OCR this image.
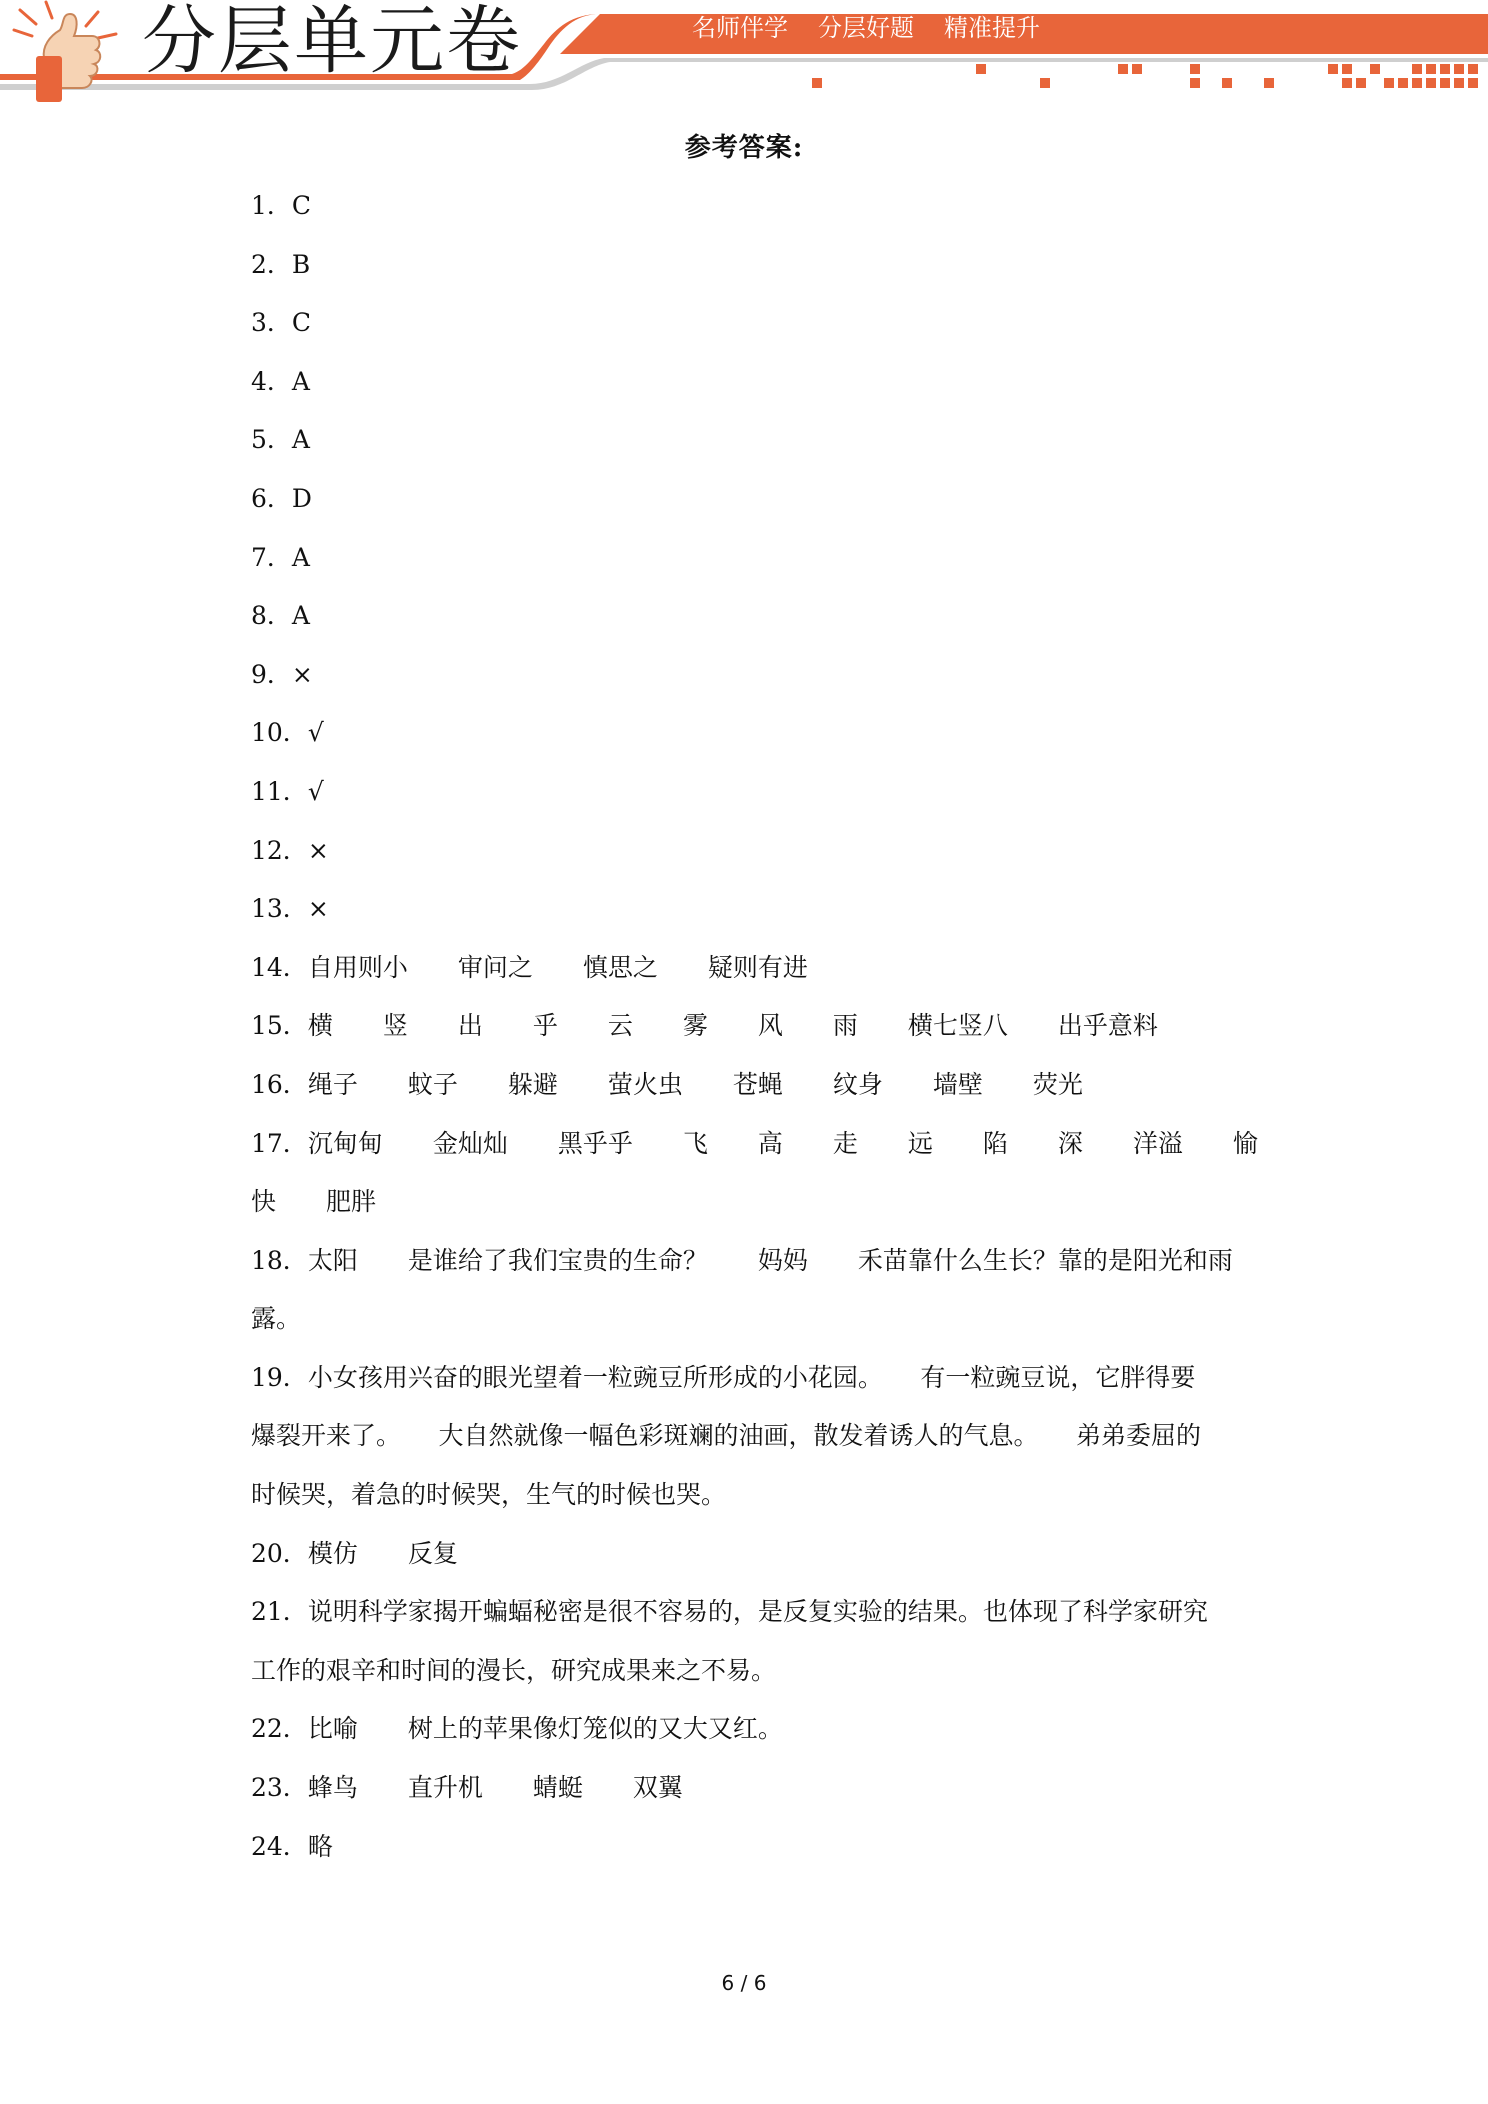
分层单元卷	名师伴学 分层好题 精准提升
参考答案:

1．C

2．B

3．C

4．A

5．A

6．D

7．A

8．A

9．×

10．√

11．√

12．×

13．×

14．自用则小　　审问之　　慎思之　　疑则有进

15．横　　竖　　出　　乎　　云　　雾　　风　　雨　　横七竖八　　出乎意料

16．绳子　　蚊子　　躲避　　萤火虫　　苍蝇　　纹身　　墙壁　　荧光

17．沉甸甸　　金灿灿　　黑乎乎　　飞　　高　　走　　远　　陷　　深　　洋溢　　愉

快　　肥胖

18．太阳　　是谁给了我们宝贵的生命？　　妈妈　　禾苗靠什么生长？靠的是阳光和雨

露。

19．小女孩用兴奋的眼光望着一粒豌豆所形成的小花园。　　有一粒豌豆说，它胖得要

爆裂开来了。　　大自然就像一幅色彩斑斓的油画，散发着诱人的气息。　　弟弟委屈的

时候哭，着急的时候哭，生气的时候也哭。

20．模仿　　反复

21．说明科学家揭开蝙蝠秘密是很不容易的，是反复实验的结果。也体现了科学家研究

工作的艰辛和时间的漫长，研究成果来之不易。

22．比喻　　树上的苹果像灯笼似的又大又红。

23．蜂鸟　　直升机　　蜻蜓　　双翼

24．略

6 / 6
